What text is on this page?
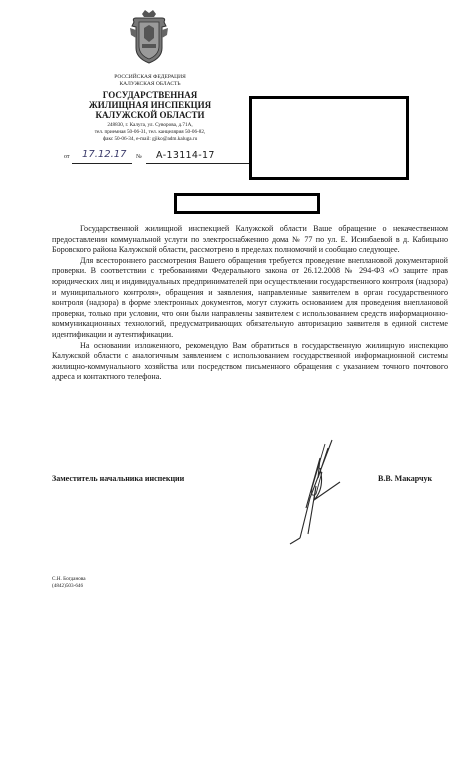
РОССИЙСКАЯ ФЕДЕРАЦИЯ
КАЛУЖСКАЯ ОБЛАСТЬ
ГОСУДАРСТВЕННАЯ
ЖИЛИЩНАЯ ИНСПЕКЦИЯ
КАЛУЖСКОЙ ОБЛАСТИ
248830, г. Калуга, ул. Суворова, д.71А,
тел. приемная 50-06-31, тел. канцелярия 50-06-82,
факс 50-06-34, e-mail: gjiko@adm.kaluga.ru
от 17.12.17 № А-13114-17

Государственной жилищной инспекцией Калужской области Ваше обращение о некачественном предоставлении коммунальной услуги по электроснабжению дома № 77 по ул. Е. Исинбаевой в д. Кабицыно Боровского района Калужской области, рассмотрено в пределах полномочий и сообщаю следующее.

Для всестороннего рассмотрения Вашего обращения требуется проведение внеплановой документарной проверки. В соответствии с требованиями Федерального закона от 26.12.2008 № 294-ФЗ «О защите прав юридических лиц и индивидуальных предпринимателей при осуществлении государственного контроля (надзора) и муниципального контроля», обращения и заявления, направленные заявителем в орган государственного контроля (надзора) в форме электронных документов, могут служить основанием для проведения внеплановой проверки, только при условии, что они были направлены заявителем с использованием средств информационно-коммуникационных технологий, предусматривающих обязательную авторизацию заявителя в единой системе идентификации и аутентификации.

На основании изложенного, рекомендую Вам обратиться в государственную жилищную инспекцию Калужской области с аналогичным заявлением с использованием государственной информационной системы жилищно-коммунального хозяйства или посредством письменного обращения с указанием точного почтового адреса и контактного телефона.

Заместитель начальника инспекции	В.В. Макарчук
С.Н. Богданова
(4842)503-646
